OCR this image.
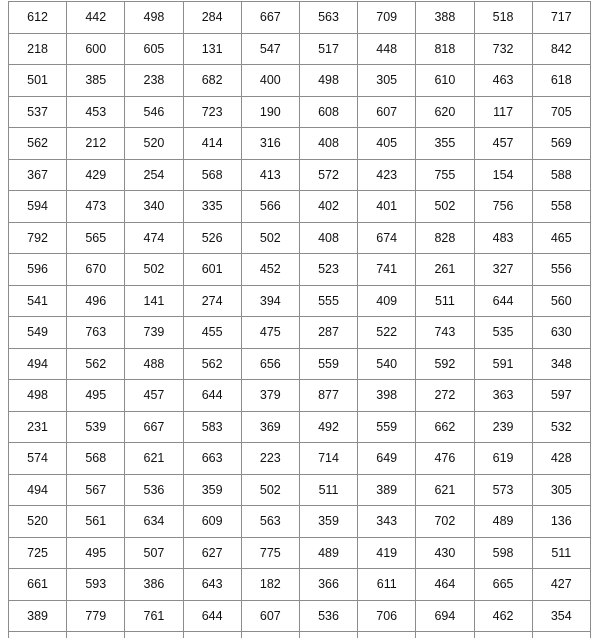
612	442	498	284	667	563	709	388	518	717
218	600	605	131	547	517	448	818	732	842
501	385	238	682	400	498	305	610	463	618
537	453	546	723	190	608	607	620	117	705
562	212	520	414	316	408	405	355	457	569
367	429	254	568	413	572	423	755	154	588
594	473	340	335	566	402	401	502	756	558
792	565	474	526	502	408	674	828	483	465
596	670	502	601	452	523	741	261	327	556
541	496	141	274	394	555	409	511	644	560
549	763	739	455	475	287	522	743	535	630
494	562	488	562	656	559	540	592	591	348
498	495	457	644	379	877	398	272	363	597
231	539	667	583	369	492	559	662	239	532
574	568	621	663	223	714	649	476	619	428
494	567	536	359	502	511	389	621	573	305
520	561	634	609	563	359	343	702	489	136
725	495	507	627	775	489	419	430	598	511
661	593	386	643	182	366	611	464	665	427
389	779	761	644	607	536	706	694	462	354
